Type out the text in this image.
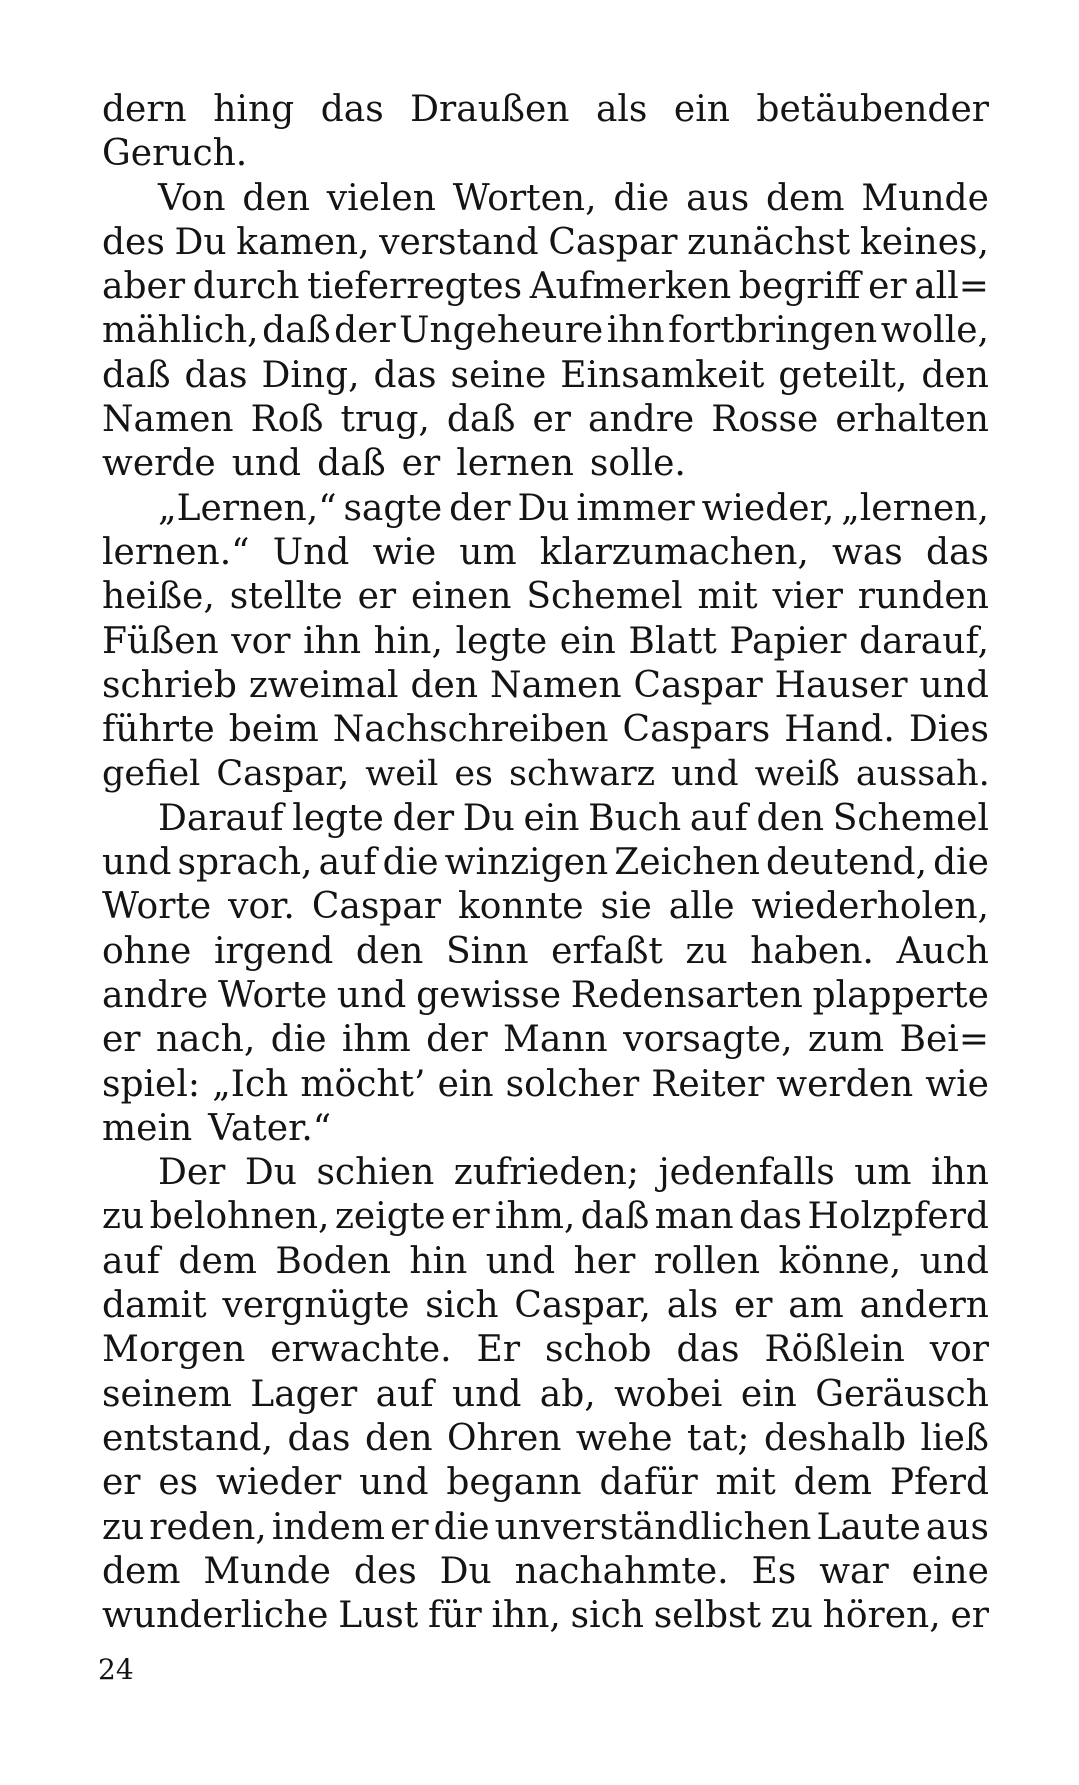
dern hing das Draußen als ein betäubender
Geruch.
Von den vielen Worten, die aus dem Munde
des Du kamen, verstand Caspar zunächst keines,
aber durch tieferregtes Aufmerken begriff er all=
mählich, daß der Ungeheure ihn fortbringen wolle,
daß das Ding, das seine Einsamkeit geteilt, den
Namen Roß trug, daß er andre Rosse erhalten
werde und daß er lernen solle.
„Lernen,“ sagte der Du immer wieder, „lernen,
lernen.“ Und wie um klarzumachen, was das
heiße, stellte er einen Schemel mit vier runden
Füßen vor ihn hin, legte ein Blatt Papier darauf,
schrieb zweimal den Namen Caspar Hauser und
führte beim Nachschreiben Caspars Hand. Dies
gefiel Caspar, weil es schwarz und weiß aussah.
Darauf legte der Du ein Buch auf den Schemel
und sprach, auf die winzigen Zeichen deutend, die
Worte vor. Caspar konnte sie alle wiederholen,
ohne irgend den Sinn erfaßt zu haben. Auch
andre Worte und gewisse Redensarten plapperte
er nach, die ihm der Mann vorsagte, zum Bei=
spiel: „Ich möcht’ ein solcher Reiter werden wie
mein Vater.“
Der Du schien zufrieden; jedenfalls um ihn
zu belohnen, zeigte er ihm, daß man das Holzpferd
auf dem Boden hin und her rollen könne, und
damit vergnügte sich Caspar, als er am andern
Morgen erwachte. Er schob das Rößlein vor
seinem Lager auf und ab, wobei ein Geräusch
entstand, das den Ohren wehe tat; deshalb ließ
er es wieder und begann dafür mit dem Pferd
zu reden, indem er die unverständlichen Laute aus
dem Munde des Du nachahmte. Es war eine
wunderliche Lust für ihn, sich selbst zu hören, er
24
